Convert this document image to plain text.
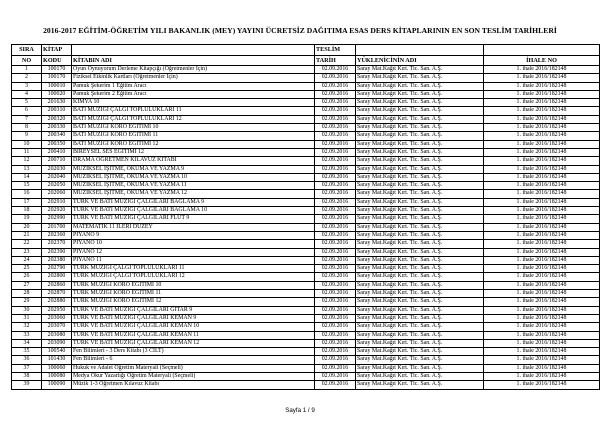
2016-2017 EĞİTİM-ÖĞRETİM YILI BAKANLIK (MEY) YAYINI ÜCRETSİZ DAĞITIMA ESAS DERS KİTAPLARININ EN SON TESLİM TARİHLERİ
SIRA	KİTAP		TESLİM		
NO	KODU	KİTABIN ADI	TARİH	YÜKLENİCİNİN ADI	İHALE NO
1	100170	Oyun Oynuyorum Derleme Kitapçığı (Öğretmenler İçin)	02.09.2016	Saray Mat.Kağıt Kırt. Tic. San. A.Ş.	1. ihale 2016/182148
2	100170	Fiziksel Etkinlik Kartları (Öğretmenler İçin)	02.09.2016	Saray Mat.Kağıt Kırt. Tic. San. A.Ş.	1. ihale 2016/182148
3	100010	Pamuk Şekerim 1 Eğitim Aracı	02.09.2016	Saray Mat.Kağıt Kırt. Tic. San. A.Ş.	1. ihale 2016/182148
4	100020	Pamuk Şekerim 2 Eğitim Aracı	02.09.2016	Saray Mat.Kağıt Kırt. Tic. San. A.Ş.	1. ihale 2016/182148
5	201630	KİMYA 10	02.09.2016	Saray Mat.Kağıt Kırt. Tic. San. A.Ş.	1. ihale 2016/182148
6	200310	BATI MÜZİĞİ ÇALGI TOPLULUKLARI 11	02.09.2016	Saray Mat.Kağıt Kırt. Tic. San. A.Ş.	1. ihale 2016/182148
7	200320	BATI MÜZİĞİ ÇALGI TOPLULUKLARI 12	02.09.2016	Saray Mat.Kağıt Kırt. Tic. San. A.Ş.	1. ihale 2016/182148
8	200330	BATI MÜZİĞİ KORO EĞİTİMİ 10	02.09.2016	Saray Mat.Kağıt Kırt. Tic. San. A.Ş.	1. ihale 2016/182148
9	200340	BATI MÜZİĞİ KORO EĞİTİMİ 11	02.09.2016	Saray Mat.Kağıt Kırt. Tic. San. A.Ş.	1. ihale 2016/182148
10	200350	BATI MÜZİĞİ KORO EĞİTİMİ 12	02.09.2016	Saray Mat.Kağıt Kırt. Tic. San. A.Ş.	1. ihale 2016/182148
11	200410	BİREYSEL SES EĞİTİMİ 12	02.09.2016	Saray Mat.Kağıt Kırt. Tic. San. A.Ş.	1. ihale 2016/182148
12	200710	DRAMA ÖĞRETMEN KILAVUZ KİTABI	02.09.2016	Saray Mat.Kağıt Kırt. Tic. San. A.Ş.	1. ihale 2016/182148
13	202030	MÜZİKSEL İŞİTME, OKUMA VE YAZMA 9	02.09.2016	Saray Mat.Kağıt Kırt. Tic. San. A.Ş.	1. ihale 2016/182148
14	202040	MÜZİKSEL İŞİTME, OKUMA VE YAZMA 10	02.09.2016	Saray Mat.Kağıt Kırt. Tic. San. A.Ş.	1. ihale 2016/182148
15	202050	MÜZİKSEL İŞİTME, OKUMA VE YAZMA 11	02.09.2016	Saray Mat.Kağıt Kırt. Tic. San. A.Ş.	1. ihale 2016/182148
16	202060	MÜZİKSEL İŞİTME, OKUMA VE YAZMA 12	02.09.2016	Saray Mat.Kağıt Kırt. Tic. San. A.Ş.	1. ihale 2016/182148
17	202910	TÜRK VE BATI MÜZİĞİ ÇALGILARI BAĞLAMA 9	02.09.2016	Saray Mat.Kağıt Kırt. Tic. San. A.Ş.	1. ihale 2016/182148
18	202920	TÜRK VE BATI MÜZİĞİ ÇALGILARI BAĞLAMA 10	02.09.2016	Saray Mat.Kağıt Kırt. Tic. San. A.Ş.	1. ihale 2016/182148
19	202990	TÜRK VE BATI MÜZİĞİ ÇALGILARI FLÜT 9	02.09.2016	Saray Mat.Kağıt Kırt. Tic. San. A.Ş.	1. ihale 2016/182148
20	201700	MATEMATİK 11 İLERİ DÜZEY	02.09.2016	Saray Mat.Kağıt Kırt. Tic. San. A.Ş.	1. ihale 2016/182148
21	202360	PİYANO 9	02.09.2016	Saray Mat.Kağıt Kırt. Tic. San. A.Ş.	1. ihale 2016/182148
22	202370	PİYANO 10	02.09.2016	Saray Mat.Kağıt Kırt. Tic. San. A.Ş.	1. ihale 2016/182148
23	202390	PİYANO 12	02.09.2016	Saray Mat.Kağıt Kırt. Tic. San. A.Ş.	1. ihale 2016/182148
24	202380	PİYANO 11	02.09.2016	Saray Mat.Kağıt Kırt. Tic. San. A.Ş.	1. ihale 2016/182148
25	202790	TÜRK MÜZİĞİ ÇALGI TOPLULUKLARI 11	02.09.2016	Saray Mat.Kağıt Kırt. Tic. San. A.Ş.	1. ihale 2016/182148
26	202800	TÜRK MÜZİĞİ ÇALGI TOPLULUKLARI 12	02.09.2016	Saray Mat.Kağıt Kırt. Tic. San. A.Ş.	1. ihale 2016/182148
27	202860	TÜRK MÜZİĞİ KORO EĞİTİMİ 10	02.09.2016	Saray Mat.Kağıt Kırt. Tic. San. A.Ş.	1. ihale 2016/182148
28	202870	TÜRK MÜZİĞİ KORO EĞİTİMİ 11	02.09.2016	Saray Mat.Kağıt Kırt. Tic. San. A.Ş.	1. ihale 2016/182148
29	202880	TÜRK MÜZİĞİ KORO EĞİTİMİ 12	02.09.2016	Saray Mat.Kağıt Kırt. Tic. San. A.Ş.	1. ihale 2016/182148
30	202950	TÜRK VE BATI MÜZİĞİ ÇALGILARI GİTAR 9	02.09.2016	Saray Mat.Kağıt Kırt. Tic. San. A.Ş.	1. ihale 2016/182148
31	203060	TÜRK VE BATI MÜZİĞİ ÇALGILARI KEMAN 9	02.09.2016	Saray Mat.Kağıt Kırt. Tic. San. A.Ş.	1. ihale 2016/182148
32	203070	TÜRK VE BATI MÜZİĞİ ÇALGILARI KEMAN 10	02.09.2016	Saray Mat.Kağıt Kırt. Tic. San. A.Ş.	1. ihale 2016/182148
33	203080	TÜRK VE BATI MÜZİĞİ ÇALGILARI KEMAN 11	02.09.2016	Saray Mat.Kağıt Kırt. Tic. San. A.Ş.	1. ihale 2016/182148
34	203090	TÜRK VE BATI MÜZİĞİ ÇALGILARI KEMAN 12	02.09.2016	Saray Mat.Kağıt Kırt. Tic. San. A.Ş.	1. ihale 2016/182148
35	100540	Fen Bilimleri - 3 Ders Kitabı (3 CİLT)	02.09.2016	Saray Mat.Kağıt Kırt. Tic. San. A.Ş.	1. ihale 2016/182148
36	101430	Fen Bilimleri - 6	02.09.2016	Saray Mat.Kağıt Kırt. Tic. San. A.Ş.	1. ihale 2016/182148
37	100060	Hukuk ve Adalet Öğretim Materyali (Seçmeli)	02.09.2016	Saray Mat.Kağıt Kırt. Tic. San. A.Ş.	1. ihale 2016/182148
38	100080	Medya Okur Yazarlığı Öğretim Materyali (Seçmeli)	02.09.2016	Saray Mat.Kağıt Kırt. Tic. San. A.Ş.	1. ihale 2016/182148
39	100090	Müzik 1-3 Öğretmen Kılavuz Kitabı	02.09.2016	Saray Mat.Kağıt Kırt. Tic. San. A.Ş.	1. ihale 2016/182148
Sayfa 1 / 9
